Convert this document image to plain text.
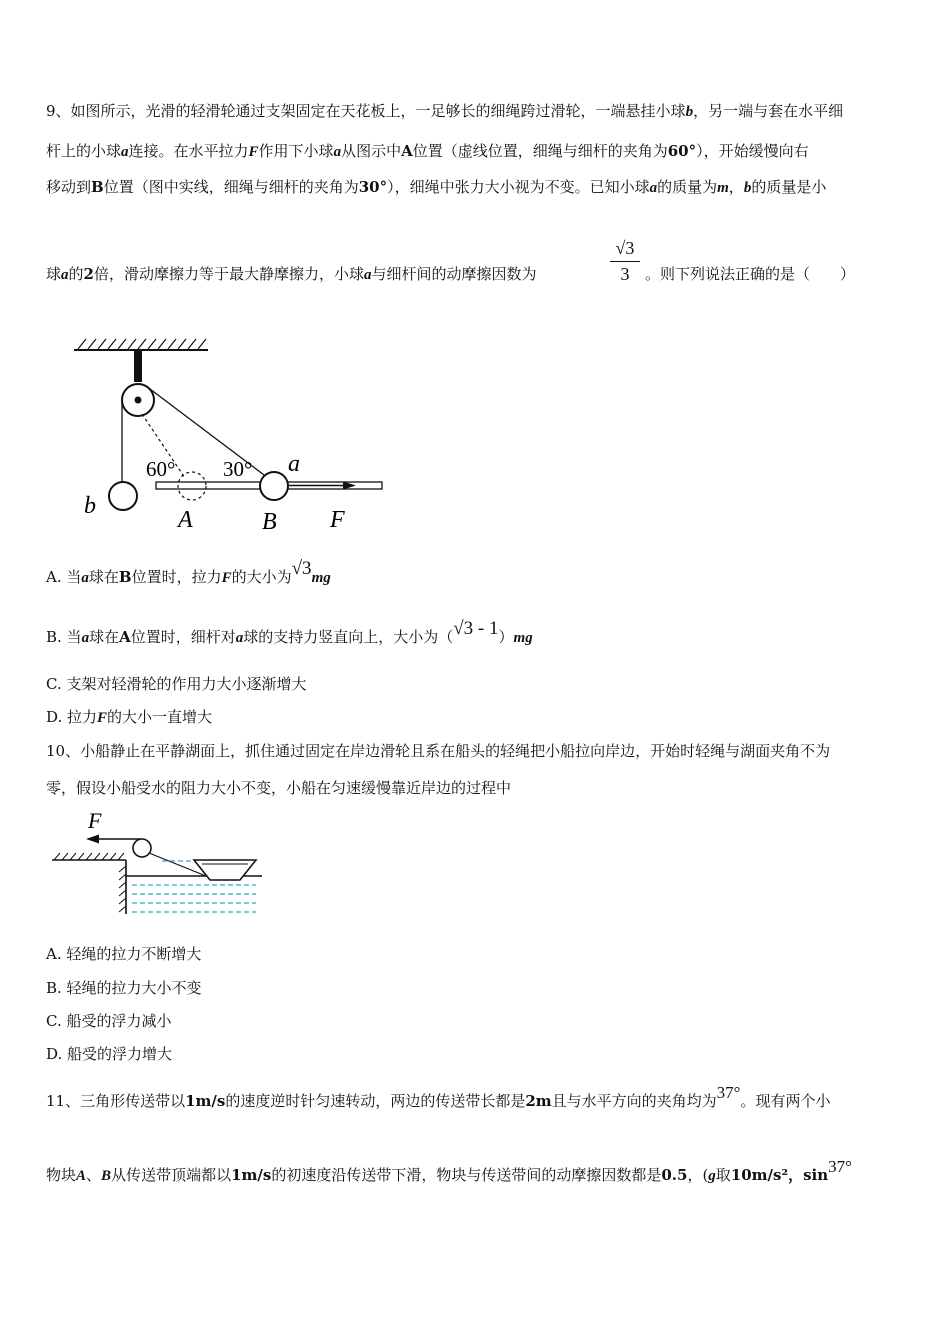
9、如图所示，光滑的轻滑轮通过支架固定在天花板上，一足够长的细绳跨过滑轮，一端悬挂小球b，另一端与套在水平细
杆上的小球a连接。在水平拉力F作用下小球a从图示中A位置（虚线位置，细绳与细杆的夹角为60°），开始缓慢向右
移动到B位置（图中实线，细绳与细杆的夹角为30°），细绳中张力大小视为不变。已知小球a的质量为m，b的质量是小
球a的2倍，滑动摩擦力等于最大静摩擦力，小球a与细杆间的动摩擦因数为	$\frac{√3}{3}$ 。则下列说法正确的是（　　）
60° 30° a
b
A	B F
A. 当a球在B位置时，拉力F的大小为√3mg
B. 当a球在A位置时，细杆对a球的支持力竖直向上，大小为（√3 - 1）mg
C. 支架对轻滑轮的作用力大小逐渐增大
D. 拉力F的大小一直增大
10、小船静止在平静湖面上，抓住通过固定在岸边滑轮且系在船头的轻绳把小船拉向岸边，开始时轻绳与湖面夹角不为
零，假设小船受水的阻力大小不变，小船在匀速缓慢靠近岸边的过程中
F
A. 轻绳的拉力不断增大
B. 轻绳的拉力大小不变
C. 船受的浮力减小
D. 船受的浮力增大
11、三角形传送带以1m/s的速度逆时针匀速转动，两边的传送带长都是2m且与水平方向的夹角均为37°。现有两个小
物块A、B从传送带顶端都以1m/s的初速度沿传送带下滑，物块与传送带间的动摩擦因数都是0.5，(g取10m/s²，sin37°
